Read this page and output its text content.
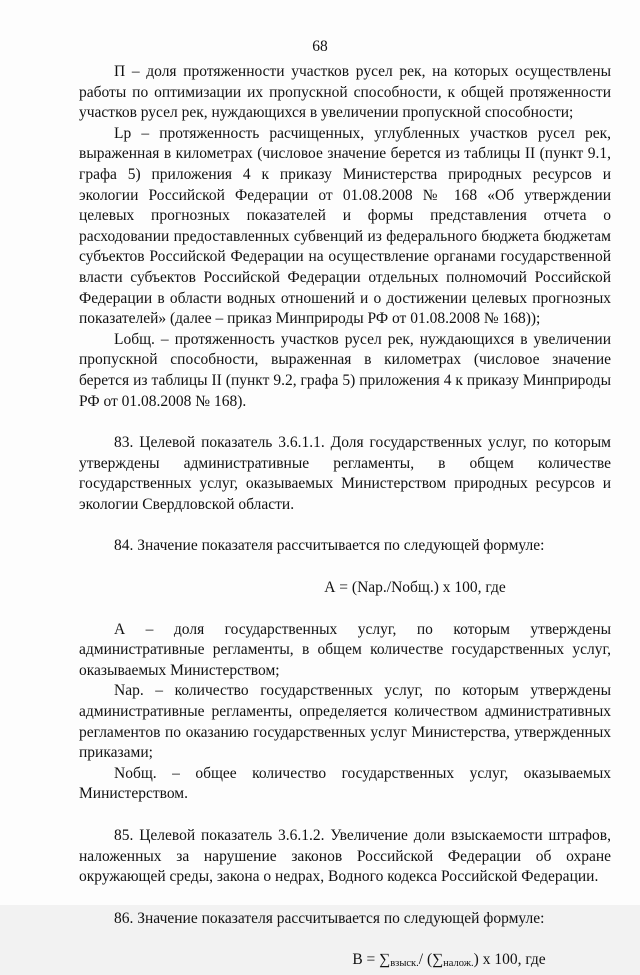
68

П – доля протяженности участков русел рек, на которых осуществлены работы по оптимизации их пропускной способности, к общей протяженности участков русел рек, нуждающихся в увеличении пропускной способности;

Lp – протяженность расчищенных, углубленных участков русел рек, выраженная в километрах (числовое значение берется из таблицы II (пункт 9.1, графа 5) приложения 4 к приказу Министерства природных ресурсов и экологии Российской Федерации от 01.08.2008 № 168 «Об утверждении целевых прогнозных показателей и формы представления отчета о расходовании предоставленных субвенций из федерального бюджета бюджетам субъектов Российской Федерации на осуществление органами государственной власти субъектов Российской Федерации отдельных полномочий Российской Федерации в области водных отношений и о достижении целевых прогнозных показателей» (далее – приказ Минприроды РФ от 01.08.2008 № 168));

Lобщ. – протяженность участков русел рек, нуждающихся в увеличении пропускной способности, выраженная в километрах (числовое значение берется из таблицы II (пункт 9.2, графа 5) приложения 4 к приказу Минприроды РФ от 01.08.2008 № 168).

83. Целевой показатель 3.6.1.1. Доля государственных услуг, по которым утверждены административные регламенты, в общем количестве государственных услуг, оказываемых Министерством природных ресурсов и экологии Свердловской области.

84. Значение показателя рассчитывается по следующей формуле:

А = (Nap./Nобщ.) х 100, где

А – доля государственных услуг, по которым утверждены административные регламенты, в общем количестве государственных услуг, оказываемых Министерством;

Nap. – количество государственных услуг, по которым утверждены административные регламенты, определяется количеством административных регламентов по оказанию государственных услуг Министерства, утвержденных приказами;

Nобщ. – общее количество государственных услуг, оказываемых Министерством.

85. Целевой показатель 3.6.1.2. Увеличение доли взыскаемости штрафов, наложенных за нарушение законов Российской Федерации об охране окружающей среды, закона о недрах, Водного кодекса Российской Федерации.

86. Значение показателя рассчитывается по следующей формуле:

В = ∑взыск./ (∑налож.) х 100, где
